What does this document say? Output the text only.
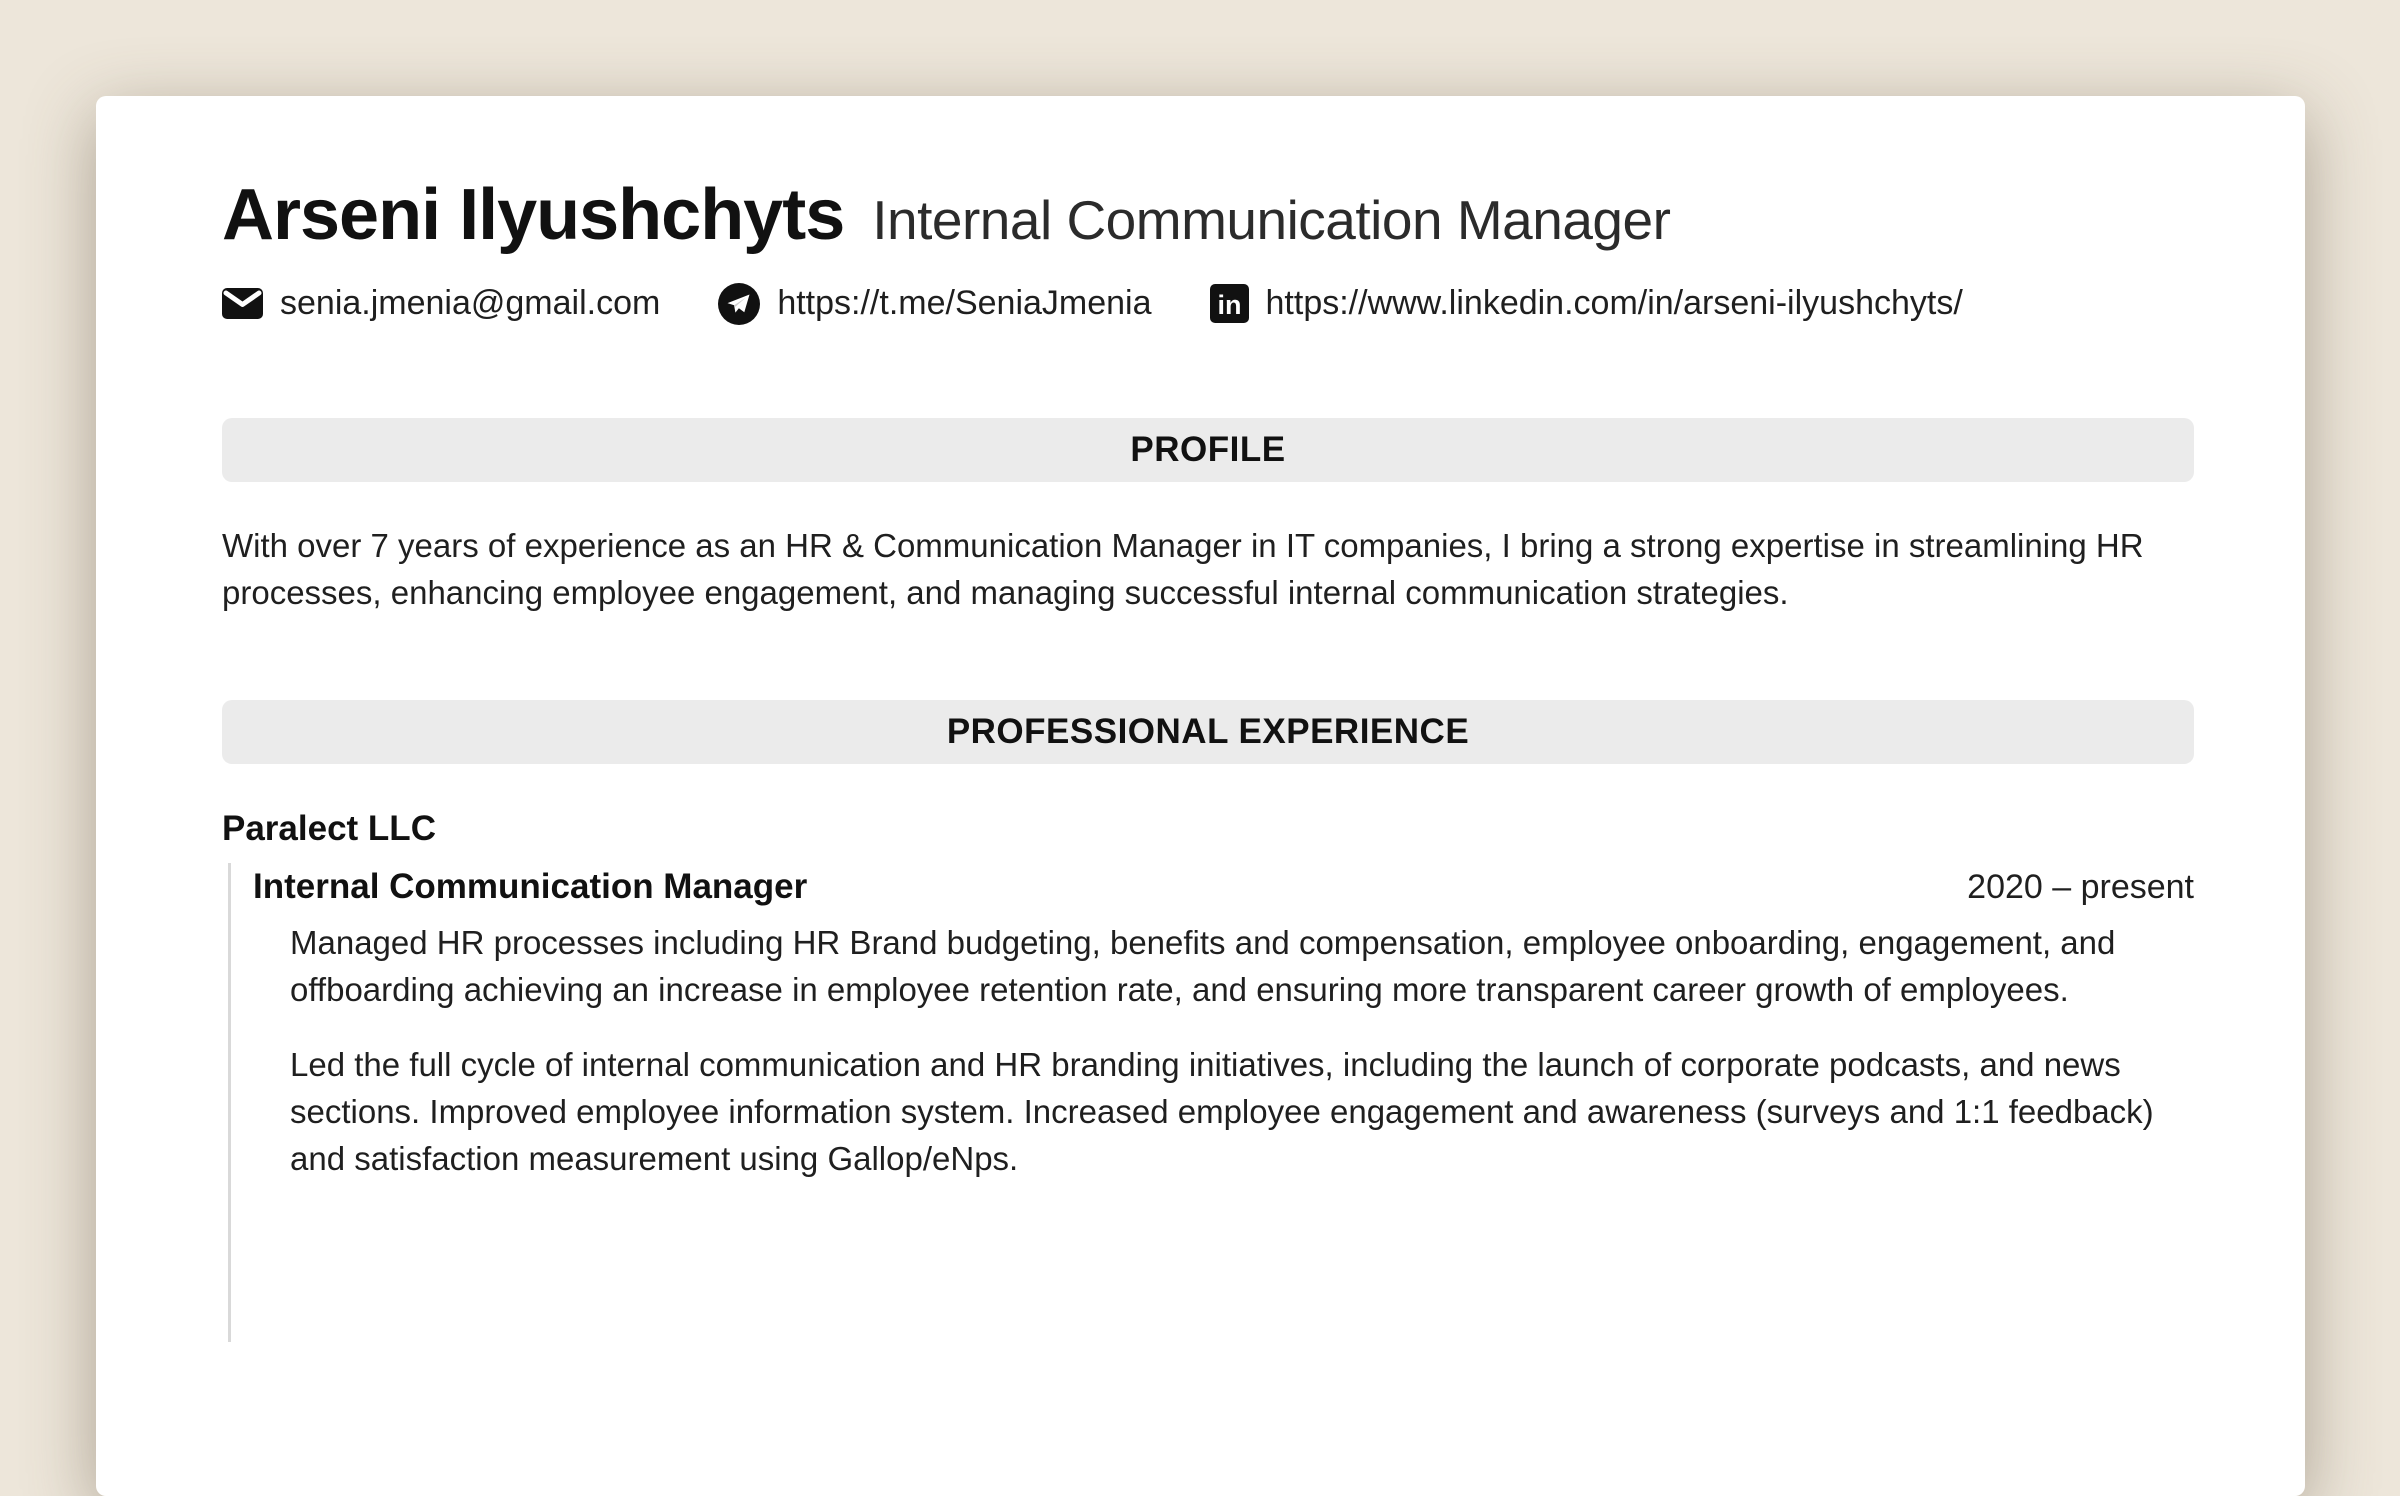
Arseni Ilyushchyts Internal Communication Manager
senia.jmenia@gmail.com	https://t.me/SeniaJmenia in https://www.linkedin.com/in/arseni-ilyushchyts/
PROFILE

With over 7 years of experience as an HR & Communication Manager in IT companies, I bring a strong expertise in streamlining HR processes, enhancing employee engagement, and managing successful internal communication strategies.

PROFESSIONAL EXPERIENCE
Paralect LLC
Internal Communication Manager	2020 – present

Managed HR processes including HR Brand budgeting, benefits and compensation, employee onboarding, engagement, and offboarding achieving an increase in employee retention rate, and ensuring more transparent career growth of employees.

Led the full cycle of internal communication and HR branding initiatives, including the launch of corporate podcasts, and news sections. Improved employee information system. Increased employee engagement and awareness (surveys and 1:1 feedback) and satisfaction measurement using Gallop/eNps.
